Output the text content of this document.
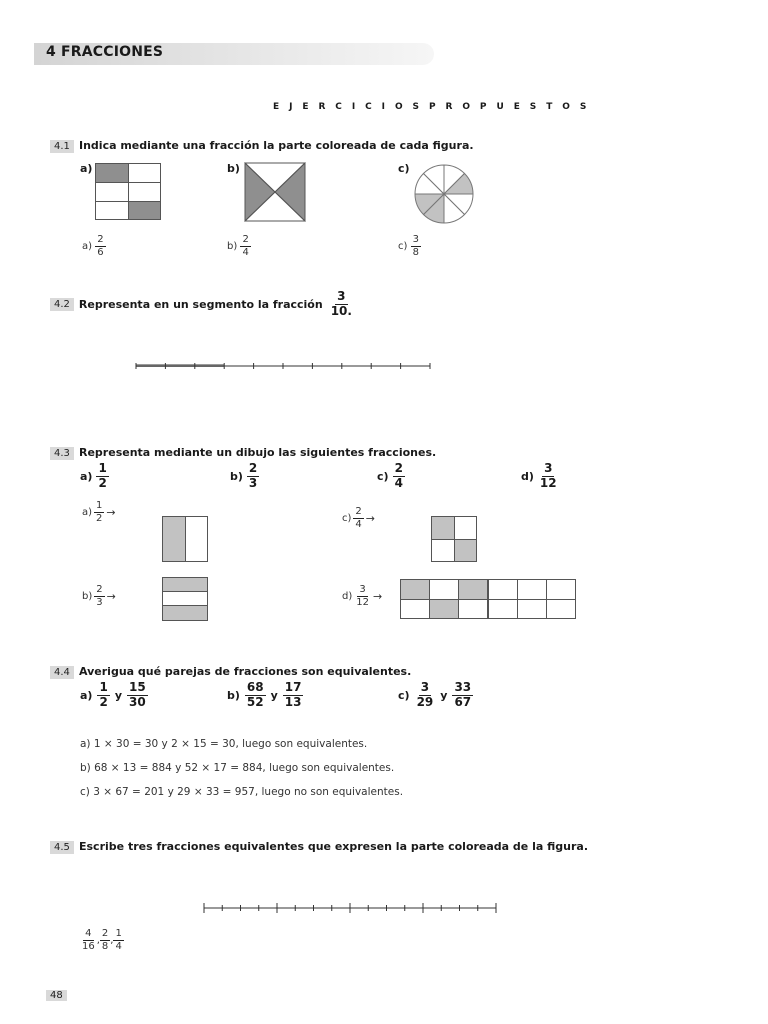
4 FRACCIONES
E J E R C I C I O S P R O P U E S T O S
4.1 Indica mediante una fracción la parte coloreada de cada figura.
a)	b)	c)
$a) \frac{2}{6}$	$b) \frac{2}{4}$	$c) \frac{3}{8}$
4.2 Representa en un segmento la fracción $\frac{3}{10.}$
4.3 Representa mediante un dibujo las siguientes fracciones.
$a) \frac{1}{2}$	$b) \frac{2}{3}$	$c) \frac{2}{4}$	$d) \frac{3}{12}$
$a) \frac{1}{2}$ →
$b) \frac{2}{3}$ →
$c) \frac{2}{4}$ →
$d) \frac{3}{12}$ →
4.4 Averigua qué parejas de fracciones son equivalentes.
$a) \frac{1}{2}$ y $\frac{15}{30}$	$b) \frac{68}{52}$ y $\frac{17}{13}$	$c) \frac{3}{29}$ y $\frac{33}{67}$
a) 1 × 30 = 30 y 2 × 15 = 30, luego son equivalentes.
b) 68 × 13 = 884 y 52 × 17 = 884, luego son equivalentes.
c) 3 × 67 = 201 y 29 × 33 = 957, luego no son equivalentes.
4.5 Escribe tres fracciones equivalentes que expresen la parte coloreada de la figura.
$\frac{4}{16}$ , $\frac{2}{8}$ , $\frac{1}{4}$
48
